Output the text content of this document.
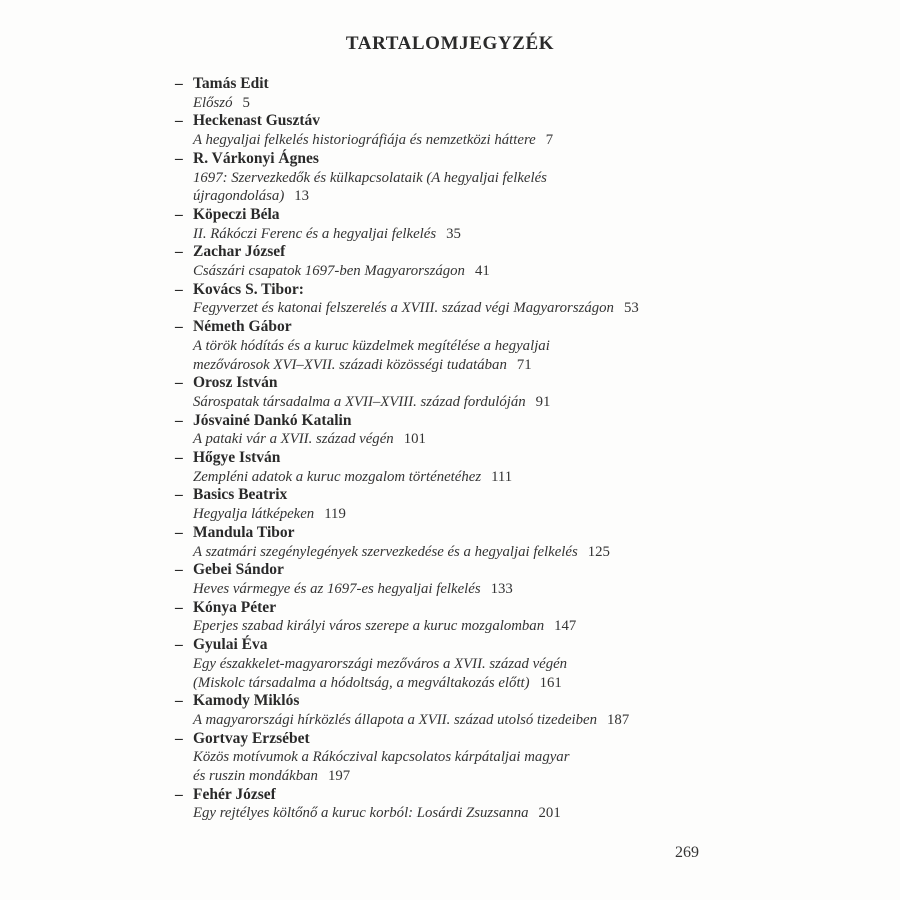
TARTALOMJEGYZÉK
– Tamás Edit
Előszó 5
– Heckenast Gusztáv
A hegyaljai felkelés historiográfiája és nemzetközi háttere 7
– R. Várkonyi Ágnes
1697: Szervezkedők és külkapcsolataik (A hegyaljai felkelés
újragondolása) 13
– Köpeczi Béla
II. Rákóczi Ferenc és a hegyaljai felkelés 35
– Zachar József
Császári csapatok 1697-ben Magyarországon 41
– Kovács S. Tibor:
Fegyverzet és katonai felszerelés a XVIII. század végi Magyarországon 53
– Németh Gábor
A török hódítás és a kuruc küzdelmek megítélése a hegyaljai
mezővárosok XVI–XVII. századi közösségi tudatában 71
– Orosz István
Sárospatak társadalma a XVII–XVIII. század fordulóján 91
– Jósvainé Dankó Katalin
A pataki vár a XVII. század végén 101
– Hőgye István
Zempléni adatok a kuruc mozgalom történetéhez 111
– Basics Beatrix
Hegyalja látképeken 119
– Mandula Tibor
A szatmári szegénylegények szervezkedése és a hegyaljai felkelés 125
– Gebei Sándor
Heves vármegye és az 1697-es hegyaljai felkelés 133
– Kónya Péter
Eperjes szabad királyi város szerepe a kuruc mozgalomban 147
– Gyulai Éva
Egy északkelet-magyarországi mezőváros a XVII. század végén
(Miskolc társadalma a hódoltság, a megváltakozás előtt) 161
– Kamody Miklós
A magyarországi hírközlés állapota a XVII. század utolsó tizedeiben 187
– Gortvay Erzsébet
Közös motívumok a Rákóczival kapcsolatos kárpátaljai magyar
és ruszin mondákban 197
– Fehér József
Egy rejtélyes költőnő a kuruc korból: Losárdi Zsuzsanna 201
269
